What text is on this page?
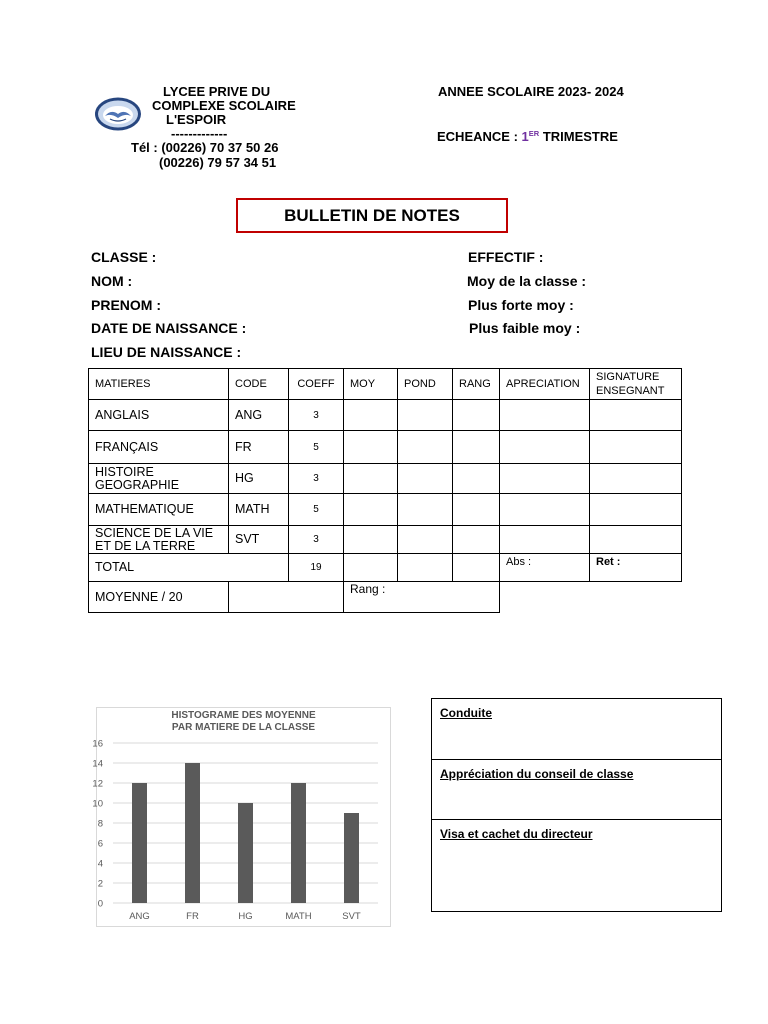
LYCEE PRIVE DU
COMPLEXE SCOLAIRE
L'ESPOIR
-------------
Tél : (00226) 70 37 50 26
(00226) 79 57 34 51
ANNEE SCOLAIRE 2023- 2024
ECHEANCE : 1ER TRIMESTRE
BULLETIN DE NOTES
CLASSE :
NOM :
PRENOM :
DATE DE NAISSANCE :
LIEU DE NAISSANCE :
EFFECTIF :
Moy de la classe :
Plus forte moy :
Plus faible moy :
MATIERES	CODE	COEFF	MOY	POND	RANG	APRECIATION	SIGNATURE
ENSEGNANT
ANGLAIS	ANG	3					
FRANÇAIS	FR	5					
HISTOIRE
GEOGRAPHIE	HG	3					
MATHEMATIQUE	MATH	5					
SCIENCE DE LA VIE
ET DE LA TERRE	SVT	3					
TOTAL		19				Abs :	Ret :
MOYENNE / 20			Rang :				
0
2
4
6
8
10
12
14
16
ANG	FR	HG	MATH	SVT
HISTOGRAME DES MOYENNE
PAR MATIERE DE LA CLASSE
Conduite
Appréciation du conseil de classe
Visa et cachet du directeur
